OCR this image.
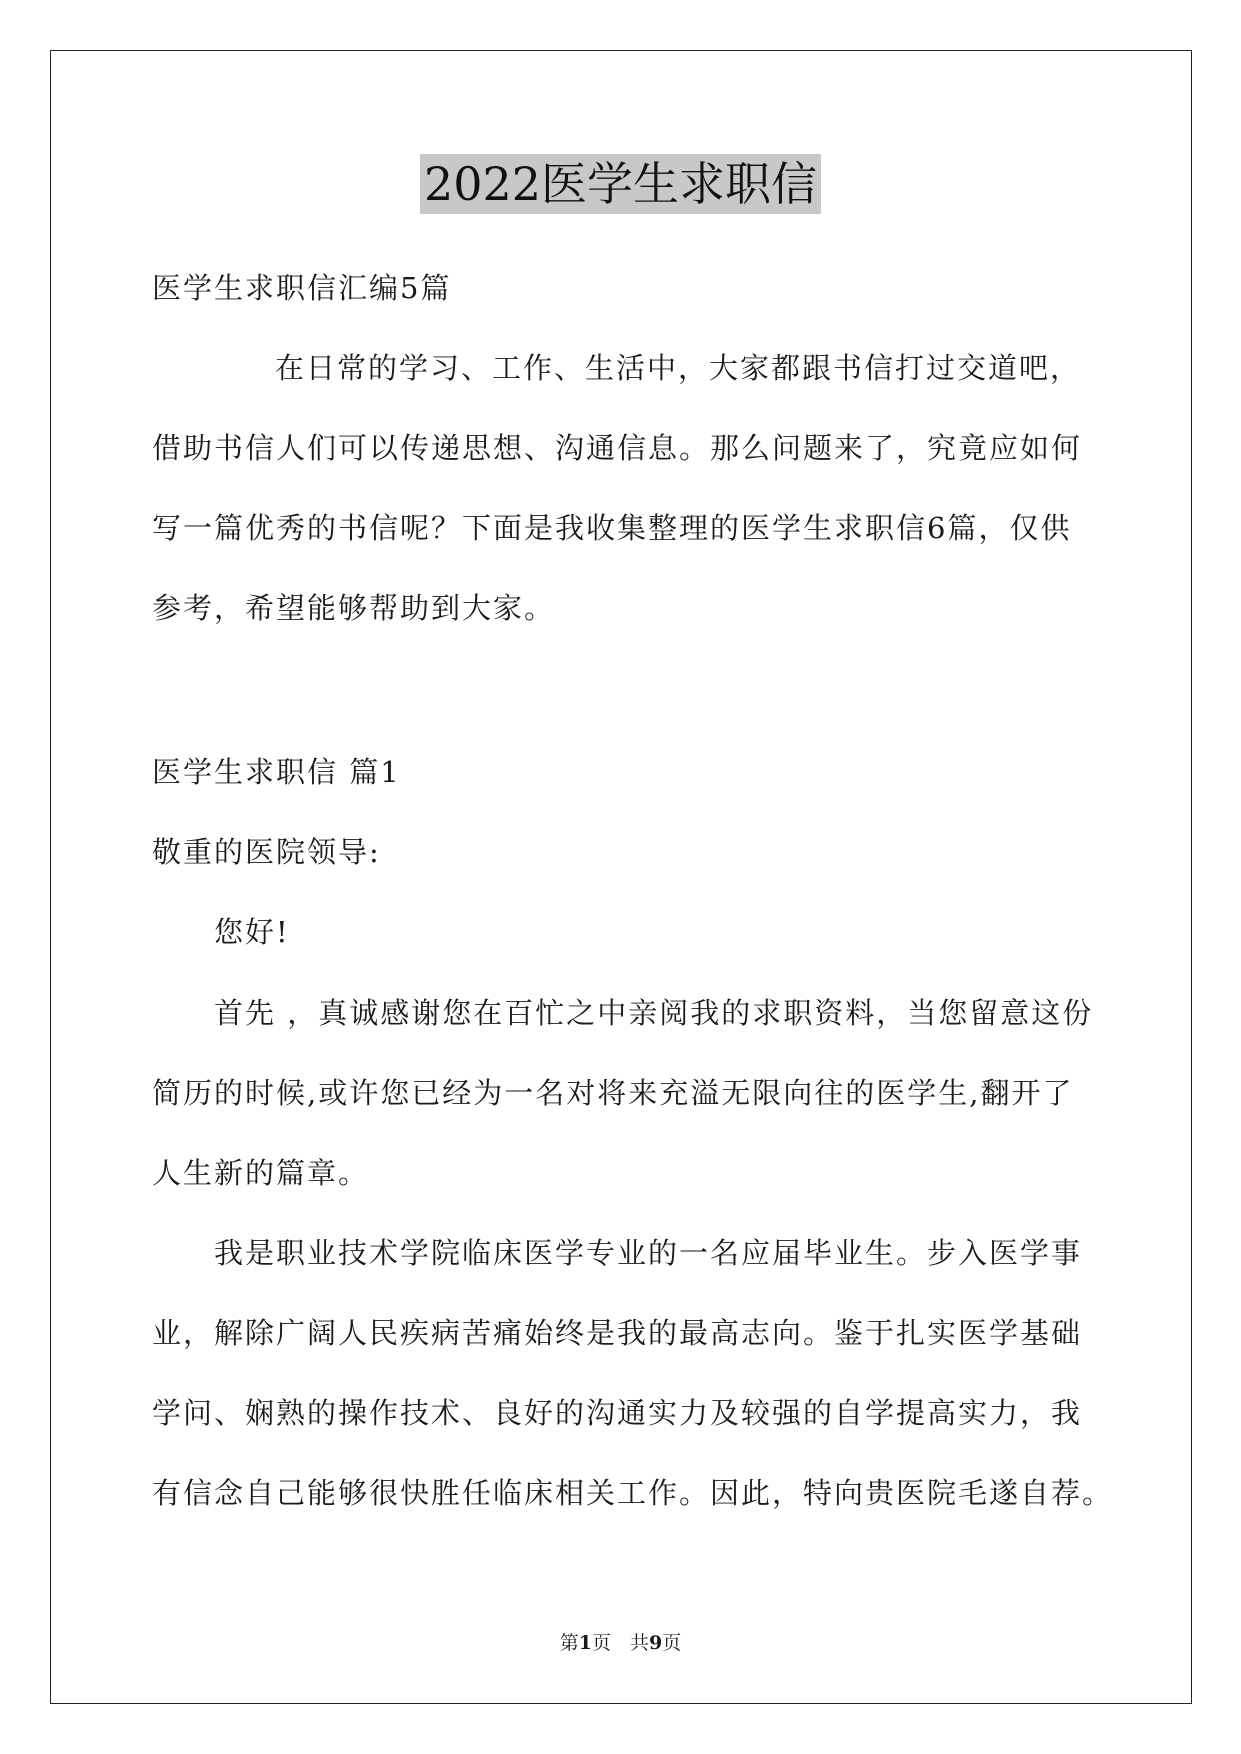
2022医学生求职信
医学生求职信汇编5篇
在日常的学习、工作、生活中，大家都跟书信打过交道吧，
借助书信人们可以传递思想、沟通信息。那么问题来了，究竟应如何
写一篇优秀的书信呢？下面是我收集整理的医学生求职信6篇，仅供
参考，希望能够帮助到大家。
医学生求职信 篇1
敬重的医院领导:
您好!
首先 ，真诚感谢您在百忙之中亲阅我的求职资料，当您留意这份
简历的时候,或许您已经为一名对将来充溢无限向往的医学生,翻开了
人生新的篇章。
我是职业技术学院临床医学专业的一名应届毕业生。步入医学事
业，解除广阔人民疾病苦痛始终是我的最高志向。鉴于扎实医学基础
学问、娴熟的操作技术、良好的沟通实力及较强的自学提高实力，我
有信念自己能够很快胜任临床相关工作。因此，特向贵医院毛遂自荐。
第1页　共9页
